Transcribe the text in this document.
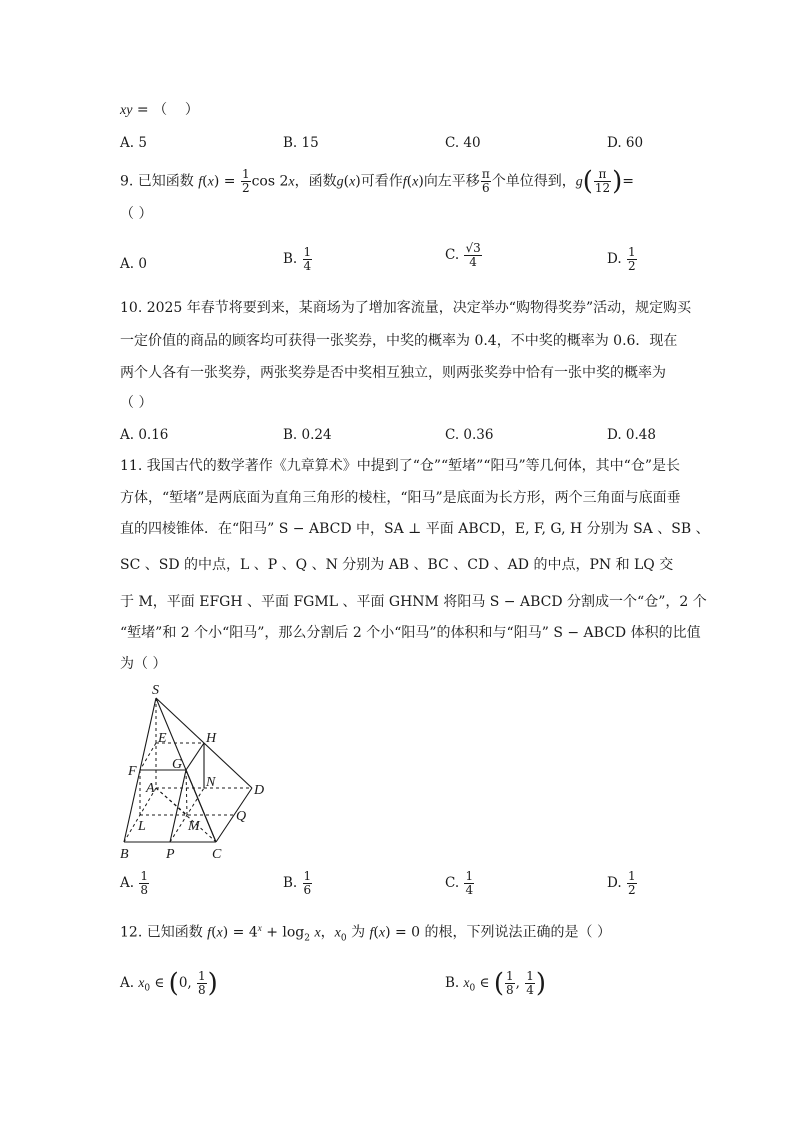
xy = （    ）
A. 5	B. 15	C. 40	D. 60
9. 已知函数 $f(x) = \frac{1}{2}$ cos 2x，函数g(x)可看作f(x)向左平移 $\frac{\pi}{6}$ 个单位得到，$g( \frac{\pi}{12}$ )=
（ ）
A. 0	B. $\frac{1}{4}$	C. $\frac{√3}{4}$	D. $\frac{1}{2}$
10. 2025 年春节将要到来，某商场为了增加客流量，决定举办“购物得奖券”活动，规定购买
一定价值的商品的顾客均可获得一张奖券，中奖的概率为 0.4，不中奖的概率为 0.6．现在
两个人各有一张奖券，两张奖券是否中奖相互独立，则两张奖券中恰有一张中奖的概率为
（ ）
A. 0.16	B. 0.24	C. 0.36	D. 0.48
11. 我国古代的数学著作《九章算术》中提到了“仓”“堑堵”“阳马”等几何体，其中“仓”是长
方体，“堑堵”是两底面为直角三角形的棱柱，“阳马”是底面为长方形，两个三角面与底面垂
直的四棱锥体．在“阳马” S − ABCD 中，SA ⊥ 平面 ABCD，E, F, G, H 分别为 SA 、SB 、
SC 、SD 的中点，L 、P 、Q 、N 分别为 AB 、BC 、CD 、AD 的中点，PN 和 LQ 交
于 M，平面 EFGH 、平面 FGML 、平面 GHNM 将阳马 S − ABCD 分割成一个“仓”，2 个
“堑堵”和 2 个小“阳马”，那么分割后 2 个小“阳马”的体积和与“阳马” S − ABCD 体积的比值
为（ ）
S
E	H
F	G
N
A	D
L	M
Q
B	P	C
A. $\frac{1}{8}$	B. $\frac{1}{6}$	C. $\frac{1}{4}$	D. $\frac{1}{2}$
12. 已知函数 $f(x) = 4^x + \log_2 x$，$x_0$ 为 f(x) = 0 的根，下列说法正确的是（ ）
A. $x_0$ ∈ (0, $\frac{1}{8}$ )	B. $x_0$ ∈ ( $\frac{1}{8}$ , $\frac{1}{4}$ )
